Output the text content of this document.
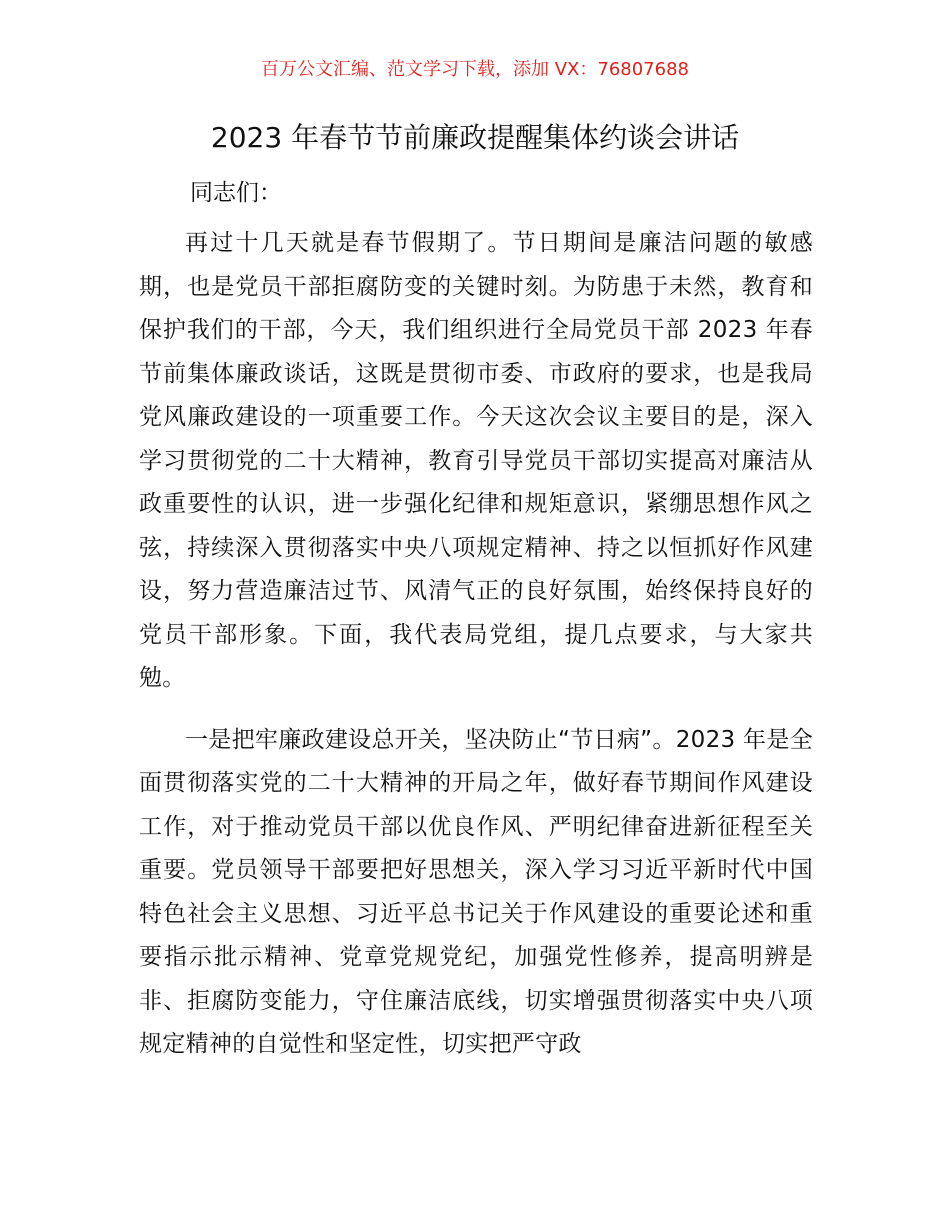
百万公文汇编、范文学习下载，添加 VX：76807688
2023 年春节节前廉政提醒集体约谈会讲话
同志们：

再过十几天就是春节假期了。节日期间是廉洁问题的敏感期，也是党员干部拒腐防变的关键时刻。为防患于未然，教育和保护我们的干部，今天，我们组织进行全局党员干部 2023 年春节前集体廉政谈话，这既是贯彻市委、市政府的要求，也是我局党风廉政建设的一项重要工作。今天这次会议主要目的是，深入学习贯彻党的二十大精神，教育引导党员干部切实提高对廉洁从政重要性的认识，进一步强化纪律和规矩意识，紧绷思想作风之弦，持续深入贯彻落实中央八项规定精神、持之以恒抓好作风建设，努力营造廉洁过节、风清气正的良好氛围，始终保持良好的党员干部形象。下面，我代表局党组，提几点要求，与大家共勉。

一是把牢廉政建设总开关，坚决防止“节日病”。2023 年是全面贯彻落实党的二十大精神的开局之年，做好春节期间作风建设工作，对于推动党员干部以优良作风、严明纪律奋进新征程至关重要。党员领导干部要把好思想关，深入学习习近平新时代中国特色社会主义思想、习近平总书记关于作风建设的重要论述和重要指示批示精神、党章党规党纪，加强党性修养，提高明辨是非、拒腐防变能力，守住廉洁底线，切实增强贯彻落实中央八项规定精神的自觉性和坚定性，切实把严守政
